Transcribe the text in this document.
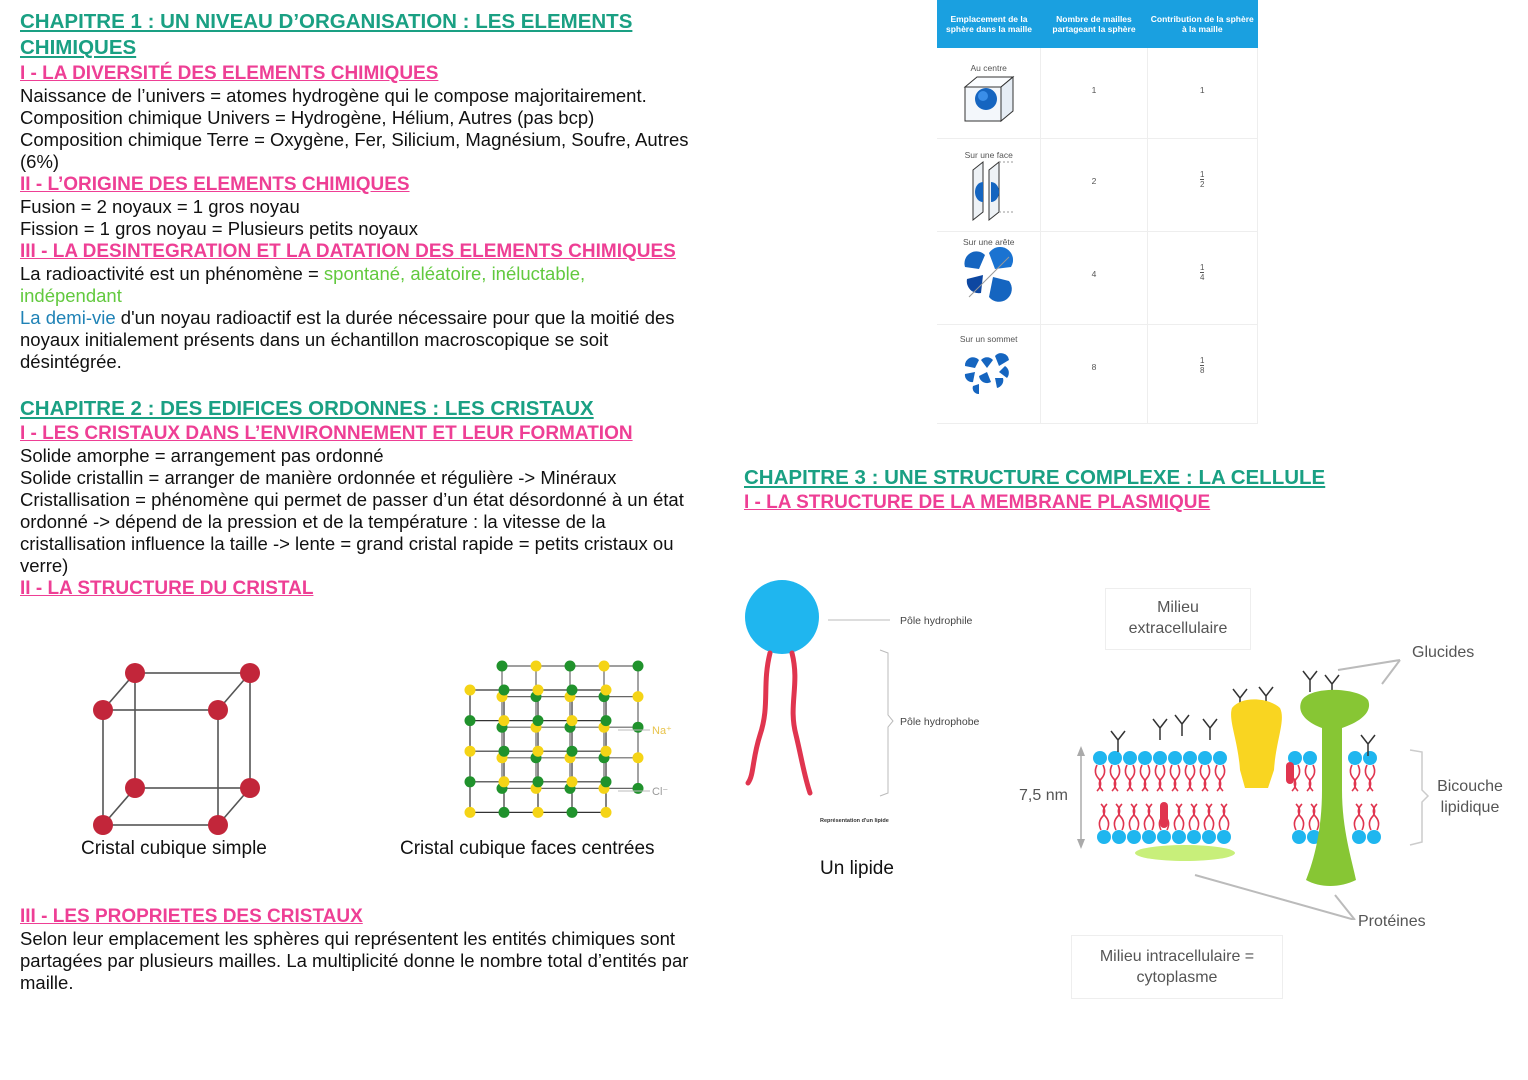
CHAPITRE 1 : UN NIVEAU D’ORGANISATION : LES ELEMENTS CHIMIQUES

I - LA DIVERSITÉ DES ELEMENTS CHIMIQUES

Naissance de l’univers = atomes hydrogène qui le compose majoritairement.

Composition chimique Univers = Hydrogène, Hélium, Autres (pas bcp)

Composition chimique Terre = Oxygène, Fer, Silicium, Magnésium, Soufre, Autres (6%)

II - L’ORIGINE DES ELEMENTS CHIMIQUES

Fusion = 2 noyaux = 1 gros noyau

Fission = 1 gros noyau = Plusieurs petits noyaux

III - LA DESINTEGRATION ET LA DATATION DES ELEMENTS CHIMIQUES

La radioactivité est un phénomène = spontané, aléatoire, inéluctable, indépendant

La demi-vie d'un noyau radioactif est la durée nécessaire pour que la moitié des noyaux initialement présents dans un échantillon macroscopique se soit désintégrée.

CHAPITRE 2 : DES EDIFICES ORDONNES : LES CRISTAUX

I - LES CRISTAUX DANS L’ENVIRONNEMENT ET LEUR FORMATION

Solide amorphe = arrangement pas ordonné

Solide cristallin = arranger de manière ordonnée et régulière -> Minéraux

Cristallisation = phénomène qui permet de passer d’un état désordonné à un état ordonné -> dépend de la pression et de la température : la vitesse de la cristallisation influence la taille -> lente = grand cristal rapide = petits cristaux ou verre)

II - LA STRUCTURE DU CRISTAL

Cristal cubique simple
Na⁺
Cl⁻
Cristal cubique faces centrées

III - LES PROPRIETES DES CRISTAUX

Selon leur emplacement les sphères qui représentent les entités chimiques sont partagées par plusieurs mailles. La multiplicité donne le nombre total d’entités par maille.

Emplacement de la sphère dans la maille	Nombre de mailles partageant la sphère	Contribution de la sphère à la maille

Au centre	1	1

Sur une face	2	$\frac{1}{2}$

Sur une arête	4	$\frac{1}{4}$

Sur un sommet	8	$\frac{1}{8}$

CHAPITRE 3 : UNE STRUCTURE COMPLEXE : LA CELLULE

I - LA STRUCTURE DE LA MEMBRANE PLASMIQUE

Pôle hydrophile
Pôle hydrophobe
Représentation d'un lipide
Un lipide
Milieu extracellulaire
Glucides
Bicouche lipidique
7,5 nm
Protéines
Milieu intracellulaire = cytoplasme
